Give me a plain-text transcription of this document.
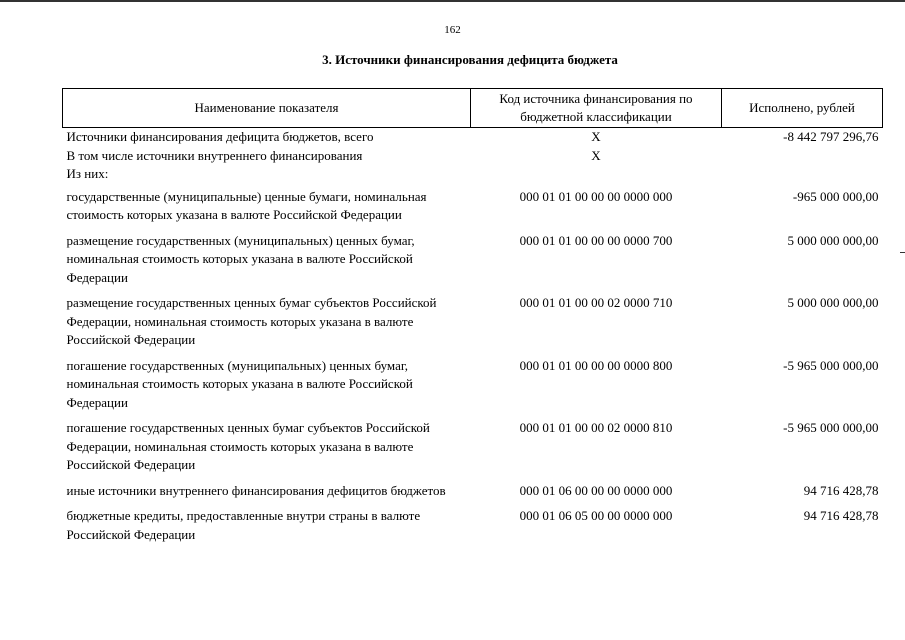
162
3. Источники финансирования дефицита бюджета
Наименование показателя	Код источника финансирования по бюджетной классификации	Исполнено, рублей
Источники финансирования дефицита бюджетов, всего	X	-8 442 797 296,76
В том числе источники внутреннего финансирования	X	
Из них:		
государственные (муниципальные) ценные бумаги, номинальная стоимость которых указана в валюте Российской Федерации	000 01 01 00 00 00 0000 000	-965 000 000,00
размещение государственных (муниципальных) ценных бумаг, номинальная стоимость которых указана в валюте Российской Федерации	000 01 01 00 00 00 0000 700	5 000 000 000,00
размещение государственных ценных бумаг субъектов Российской Федерации, номинальная стоимость которых указана в валюте Российской Федерации	000 01 01 00 00 02 0000 710	5 000 000 000,00
погашение государственных (муниципальных) ценных бумаг, номинальная стоимость которых указана в валюте Российской Федерации	000 01 01 00 00 00 0000 800	-5 965 000 000,00
погашение государственных ценных бумаг субъектов Российской Федерации, номинальная стоимость которых указана в валюте Российской Федерации	000 01 01 00 00 02 0000 810	-5 965 000 000,00
иные источники внутреннего финансирования дефицитов бюджетов	000 01 06 00 00 00 0000 000	94 716 428,78
бюджетные кредиты, предоставленные внутри страны в валюте Российской Федерации	000 01 06 05 00 00 0000 000	94 716 428,78
